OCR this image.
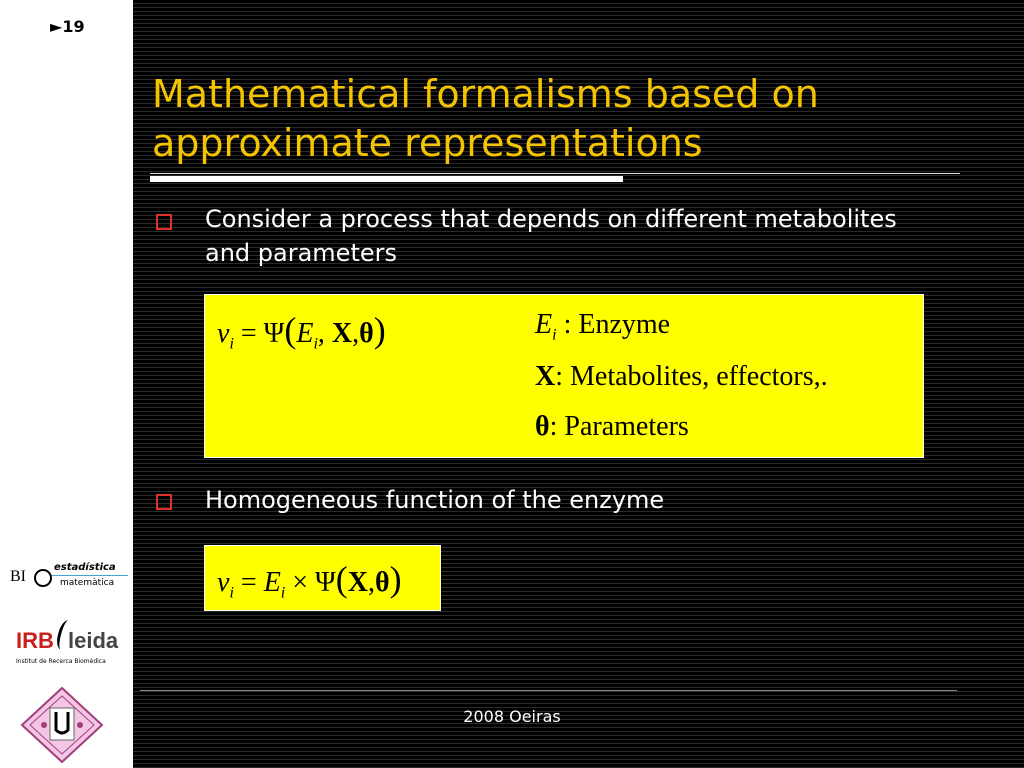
►19
BI
estadística
matemàtica
IRB leida
Institut de Recerca Biomèdica
Mathematical formalisms based on approximate representations
Consider a process that depends on different metabolites and parameters
$v_i = \Psi(E_i$, X,θ)	$E_i$ : Enzyme
X: Metabolites, effectors,.
θ: Parameters
Homogeneous function of the enzyme
$v_i = E_i \times \Psi(X,\theta)$
2008 Oeiras
